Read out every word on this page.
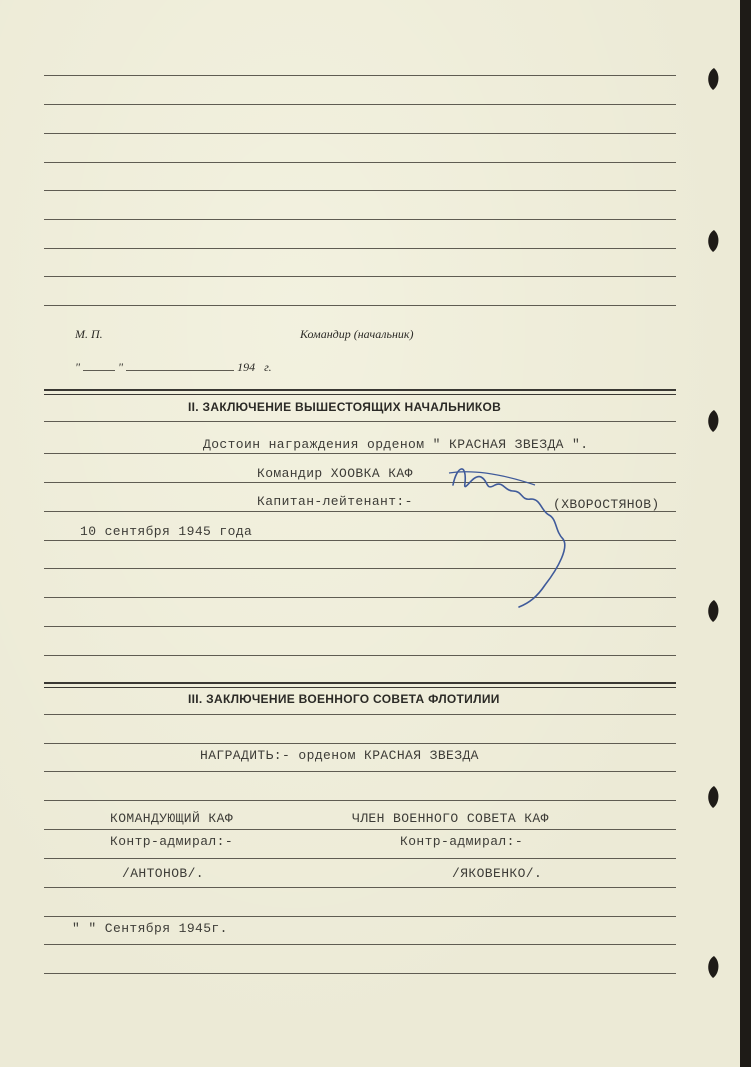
М. П.	Командир (начальник)
"	"	194 г.
II. ЗАКЛЮЧЕНИЕ ВЫШЕСТОЯЩИХ НАЧАЛЬНИКОВ
Достоин награждения орденом " КРАСНАЯ ЗВЕЗДА ".
Командир ХООВКА КАФ
Капитан-лейтенант:-	(ХВОРОСТЯНОВ)
10 сентября 1945 года
III. ЗАКЛЮЧЕНИЕ ВОЕННОГО СОВЕТА ФЛОТИЛИИ
НАГРАДИТЬ:- орденом КРАСНАЯ ЗВЕЗДА
КОМАНДУЮЩИЙ КАФ	ЧЛЕН ВОЕННОГО СОВЕТА КАФ
Контр-адмирал:-	Контр-адмирал:-
/АНТОНОВ/.	/ЯКОВЕНКО/.
" " Сентября 1945г.
